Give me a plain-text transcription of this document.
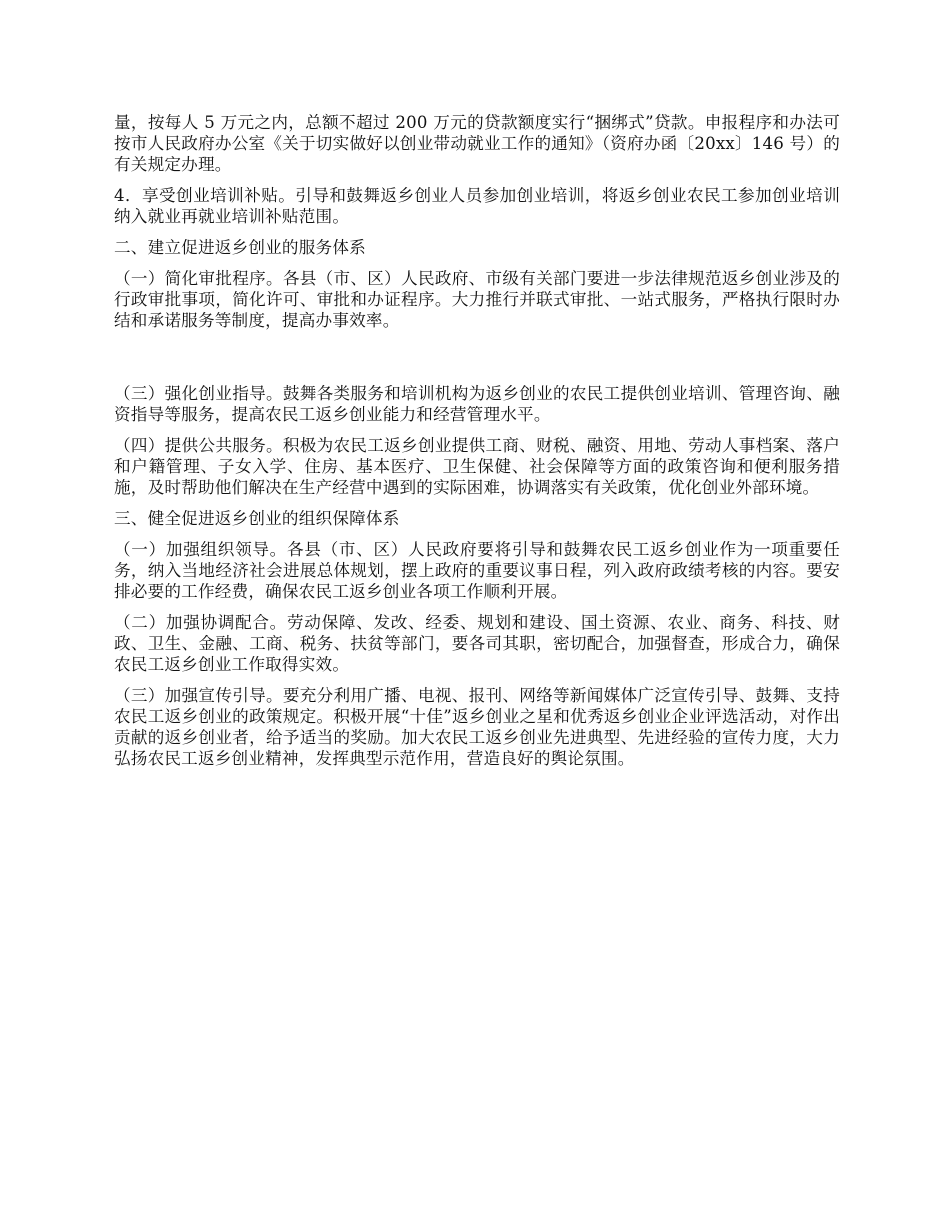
量，按每人 5 万元之内，总额不超过 200 万元的贷款额度实行“捆绑式”贷款。申报程序和办法可按市人民政府办公室《关于切实做好以创业带动就业工作的通知》（资府办函〔20xx〕146 号）的有关规定办理。

4．享受创业培训补贴。引导和鼓舞返乡创业人员参加创业培训，将返乡创业农民工参加创业培训纳入就业再就业培训补贴范围。

二、建立促进返乡创业的服务体系

（一）简化审批程序。各县（市、区）人民政府、市级有关部门要进一步法律规范返乡创业涉及的行政审批事项，简化许可、审批和办证程序。大力推行并联式审批、一站式服务，严格执行限时办结和承诺服务等制度，提高办事效率。

（三）强化创业指导。鼓舞各类服务和培训机构为返乡创业的农民工提供创业培训、管理咨询、融资指导等服务，提高农民工返乡创业能力和经营管理水平。

（四）提供公共服务。积极为农民工返乡创业提供工商、财税、融资、用地、劳动人事档案、落户和户籍管理、子女入学、住房、基本医疗、卫生保健、社会保障等方面的政策咨询和便利服务措施，及时帮助他们解决在生产经营中遇到的实际困难，协调落实有关政策，优化创业外部环境。

三、健全促进返乡创业的组织保障体系

（一）加强组织领导。各县（市、区）人民政府要将引导和鼓舞农民工返乡创业作为一项重要任务，纳入当地经济社会进展总体规划，摆上政府的重要议事日程，列入政府政绩考核的内容。要安排必要的工作经费，确保农民工返乡创业各项工作顺利开展。

（二）加强协调配合。劳动保障、发改、经委、规划和建设、国土资源、农业、商务、科技、财政、卫生、金融、工商、税务、扶贫等部门，要各司其职，密切配合，加强督查，形成合力，确保农民工返乡创业工作取得实效。

（三）加强宣传引导。要充分利用广播、电视、报刊、网络等新闻媒体广泛宣传引导、鼓舞、支持农民工返乡创业的政策规定。积极开展“十佳”返乡创业之星和优秀返乡创业企业评选活动，对作出贡献的返乡创业者，给予适当的奖励。加大农民工返乡创业先进典型、先进经验的宣传力度，大力弘扬农民工返乡创业精神，发挥典型示范作用，营造良好的舆论氛围。
